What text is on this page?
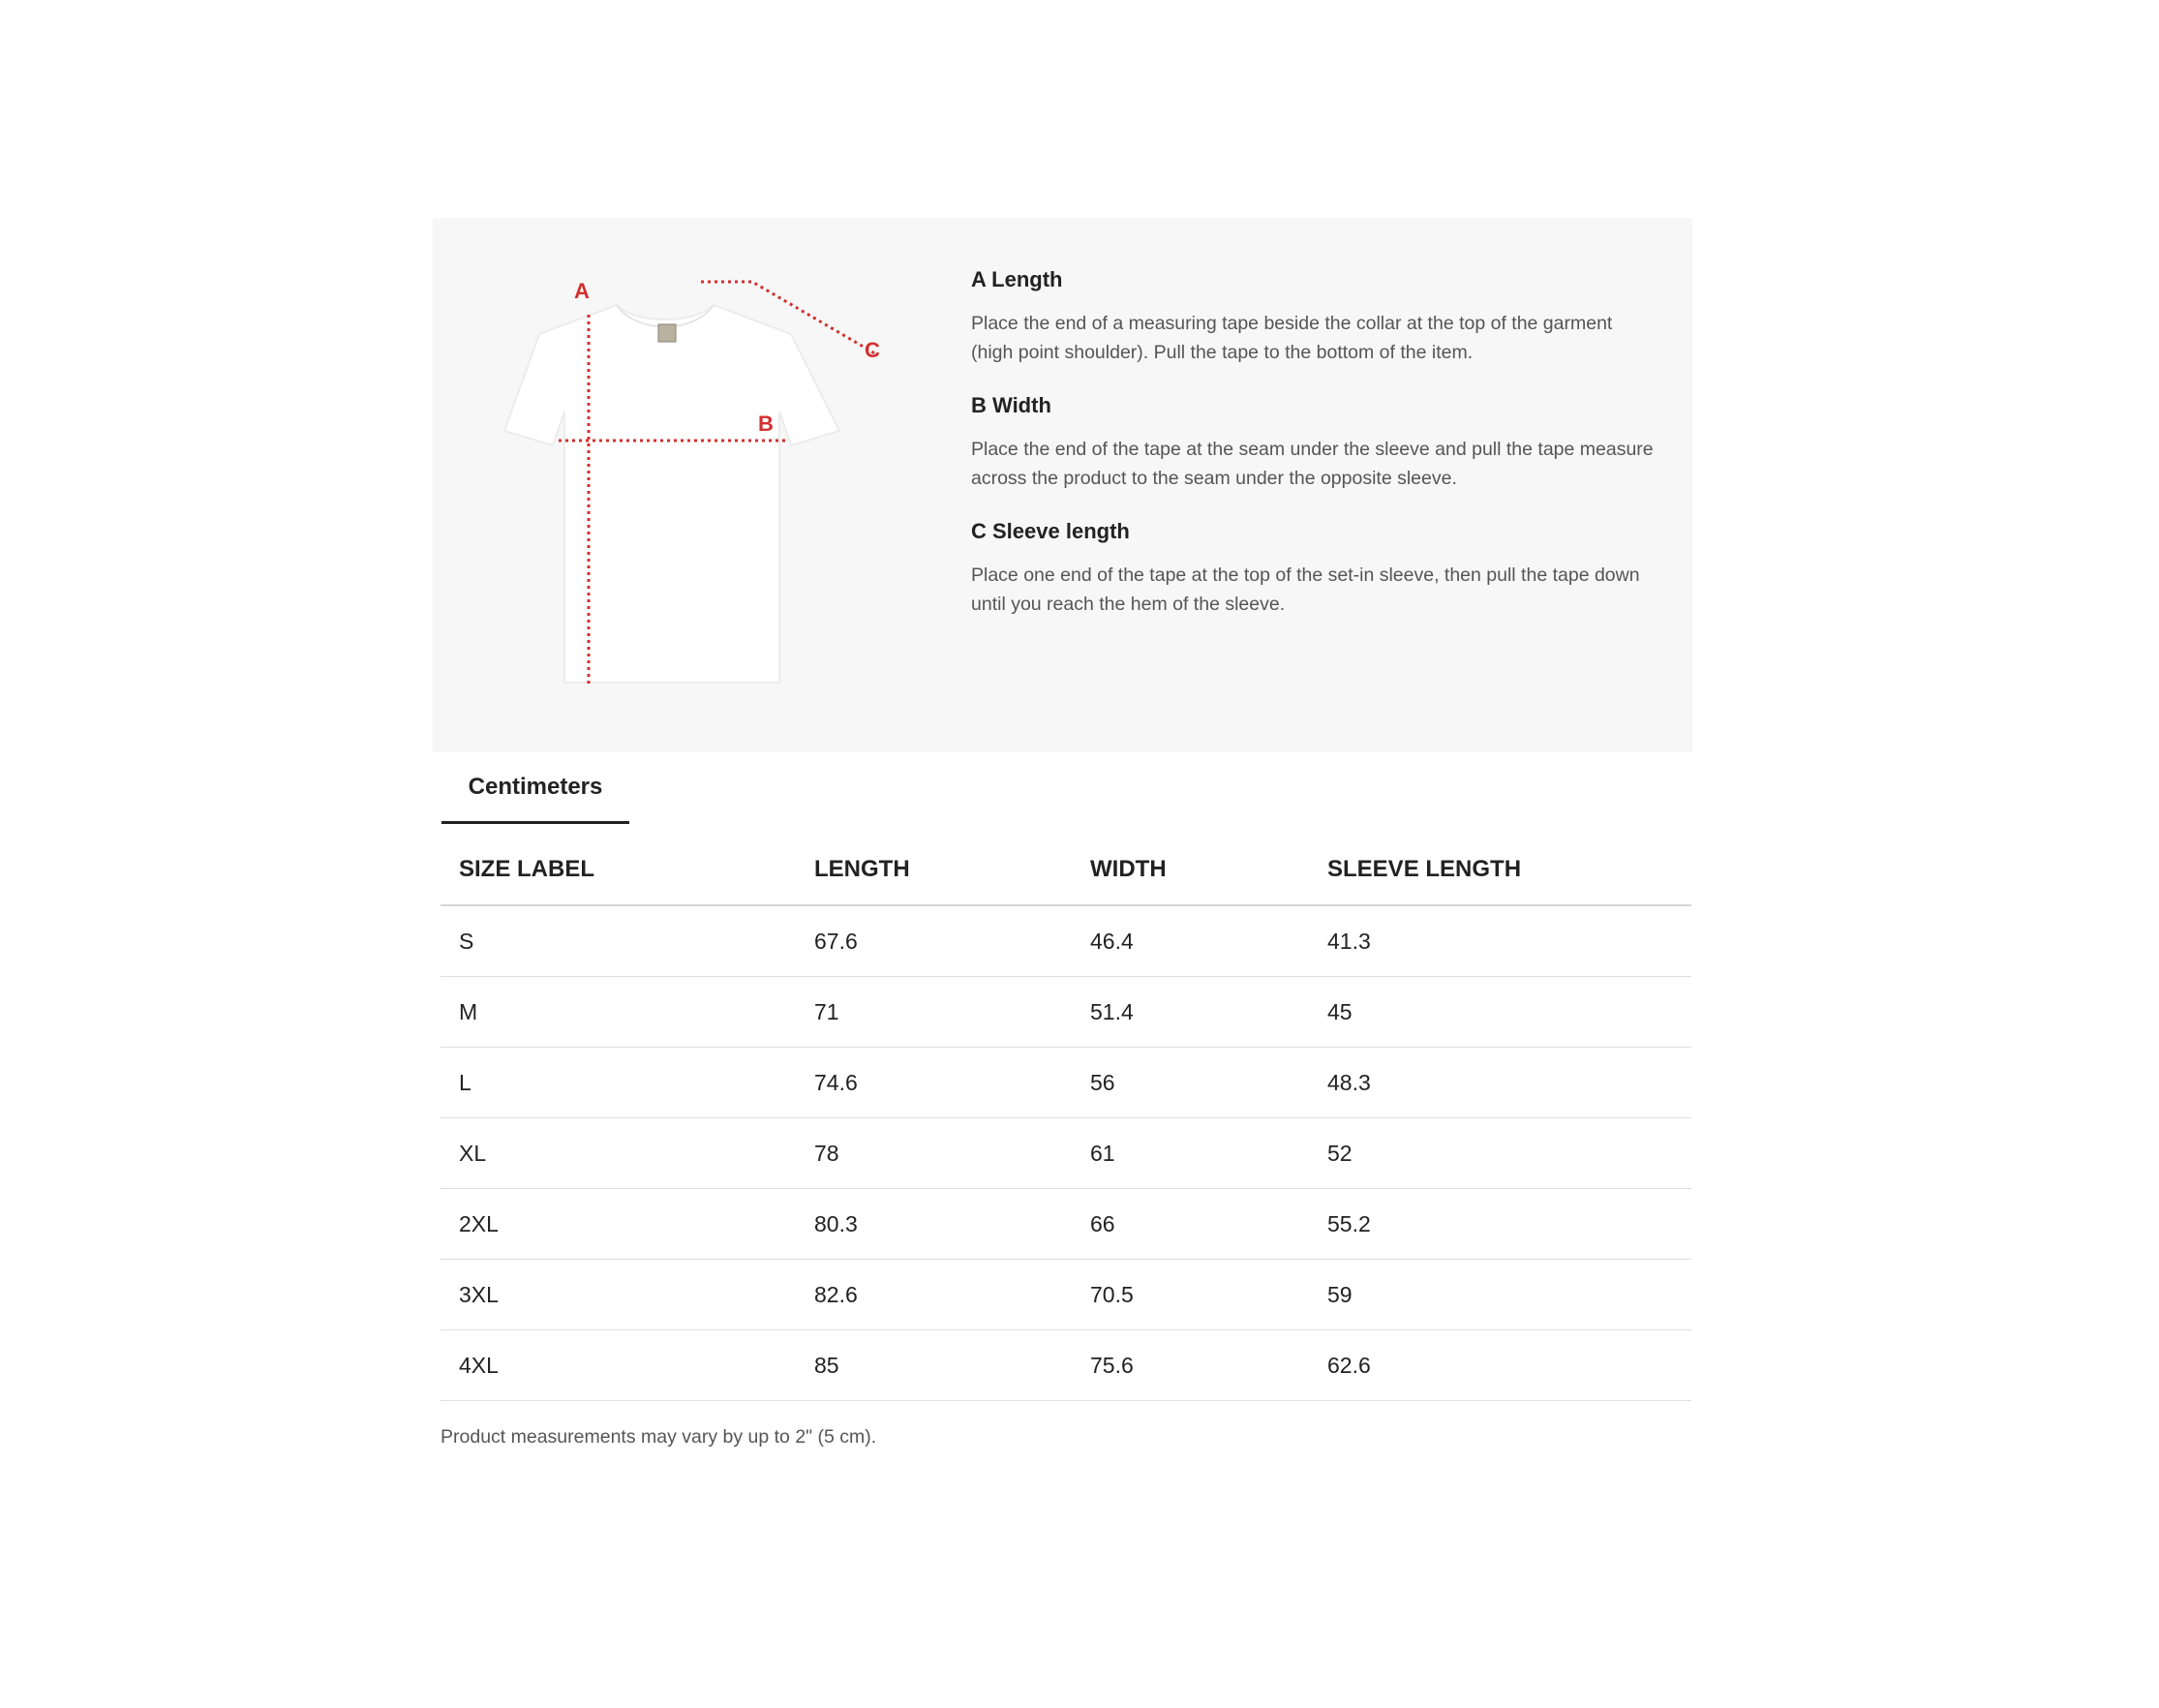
A
B
C

A Length

Place the end of a measuring tape beside the collar at the top of the garment (high point shoulder). Pull the tape to the bottom of the item.

B Width

Place the end of the tape at the seam under the sleeve and pull the tape measure across the product to the seam under the opposite sleeve.

C Sleeve length

Place one end of the tape at the top of the set-in sleeve, then pull the tape down until you reach the hem of the sleeve.

Centimeters
SIZE LABEL	LENGTH	WIDTH	SLEEVE LENGTH
S	67.6	46.4	41.3
M	71	51.4	45
L	74.6	56	48.3
XL	78	61	52
2XL	80.3	66	55.2
3XL	82.6	70.5	59
4XL	85	75.6	62.6

Product measurements may vary by up to 2" (5 cm).
